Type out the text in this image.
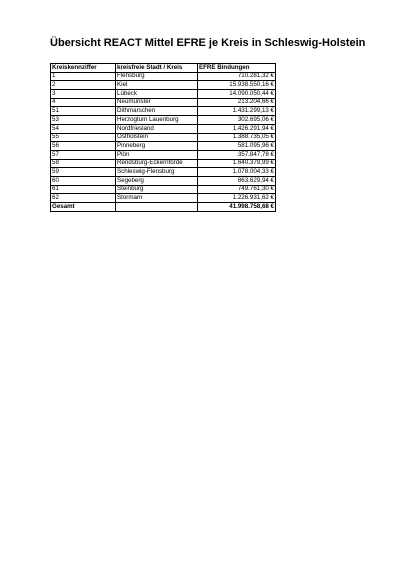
Übersicht REACT Mittel EFRE je Kreis in Schleswig-Holstein
Kreiskennziffer	kreisfreie Stadt / Kreis	EFRE Bindungen
1	Flensburg	710.281,32 €
2	Kiel	15.938.550,16 €
3	Lübeck	14.090.050,44 €
4	Neumünster	213.204,66 €
51	Dithmarschen	1.431.299,13 €
53	Herzogtum Lauenburg	302.695,06 €
54	Nordfriesland	1.426.291,94 €
55	Ostholstein	1.388.735,05 €
56	Pinneberg	581.095,96 €
57	Plön	357.847,78 €
58	Rendsburg-Eckernförde	1.640.379,99 €
59	Schleswig-Flensburg	1.078.004,33 €
60	Segeberg	863.629,94 €
61	Steinburg	749.761,30 €
62	Stormarn	1.226.931,62 €
Gesamt		41.998.758,68 €
